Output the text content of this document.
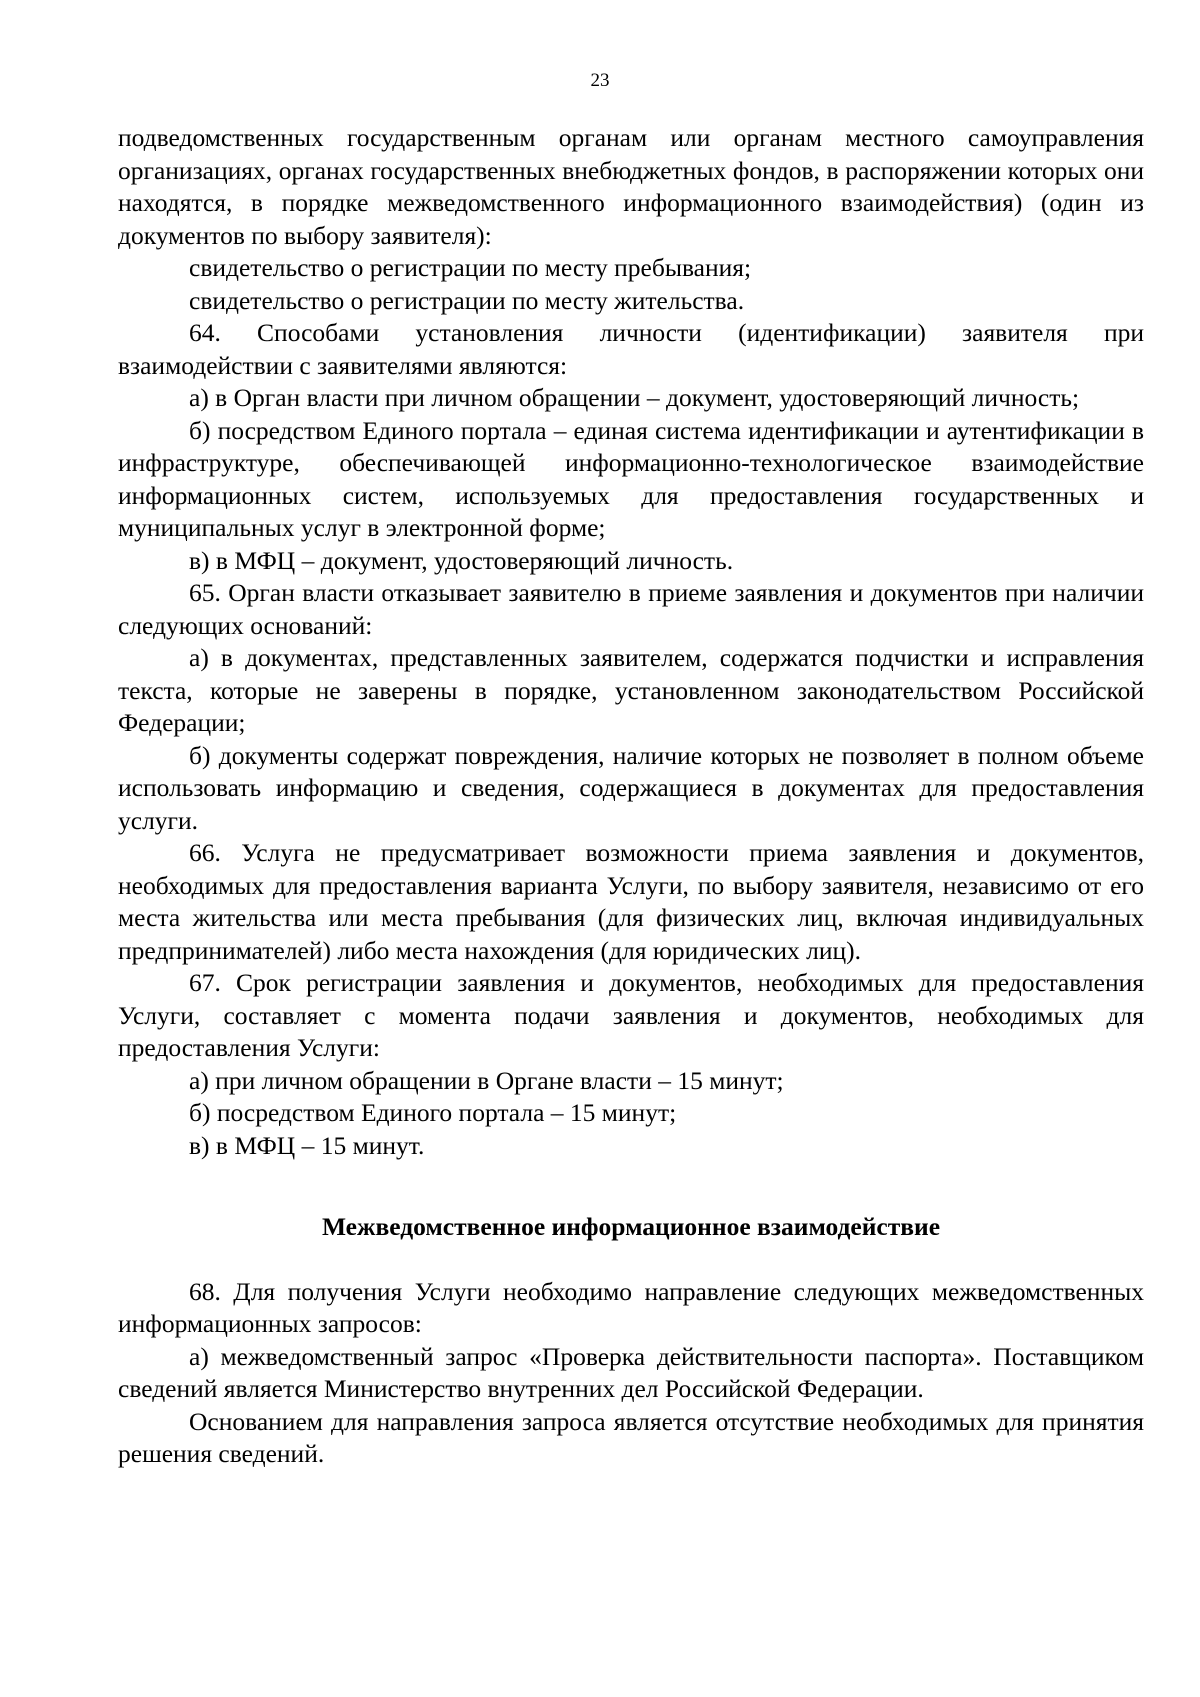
23

подведомственных государственным органам или органам местного самоуправления организациях, органах государственных внебюджетных фондов, в распоряжении которых они находятся, в порядке межведомственного информационного взаимодействия) (один из документов по выбору заявителя):

свидетельство о регистрации по месту пребывания;

свидетельство о регистрации по месту жительства.

64. Способами установления личности (идентификации) заявителя при взаимодействии с заявителями являются:

а) в Орган власти при личном обращении – документ, удостоверяющий личность;

б) посредством Единого портала – единая система идентификации и аутентификации в инфраструктуре, обеспечивающей информационно-технологическое взаимодействие информационных систем, используемых для предоставления государственных и муниципальных услуг в электронной форме;

в) в МФЦ – документ, удостоверяющий личность.

65. Орган власти отказывает заявителю в приеме заявления и документов при наличии следующих оснований:

а) в документах, представленных заявителем, содержатся подчистки и исправления текста, которые не заверены в порядке, установленном законодательством Российской Федерации;

б) документы содержат повреждения, наличие которых не позволяет в полном объеме использовать информацию и сведения, содержащиеся в документах для предоставления услуги.

66. Услуга не предусматривает возможности приема заявления и документов, необходимых для предоставления варианта Услуги, по выбору заявителя, независимо от его места жительства или места пребывания (для физических лиц, включая индивидуальных предпринимателей) либо места нахождения (для юридических лиц).

67. Срок регистрации заявления и документов, необходимых для предоставления Услуги, составляет с момента подачи заявления и документов, необходимых для предоставления Услуги:

а) при личном обращении в Органе власти – 15 минут;

б) посредством Единого портала – 15 минут;

в) в МФЦ – 15 минут.

Межведомственное информационное взаимодействие

68. Для получения Услуги необходимо направление следующих межведомственных информационных запросов:

а) межведомственный запрос «Проверка действительности паспорта». Поставщиком сведений является Министерство внутренних дел Российской Федерации.

Основанием для направления запроса является отсутствие необходимых для принятия решения сведений.
